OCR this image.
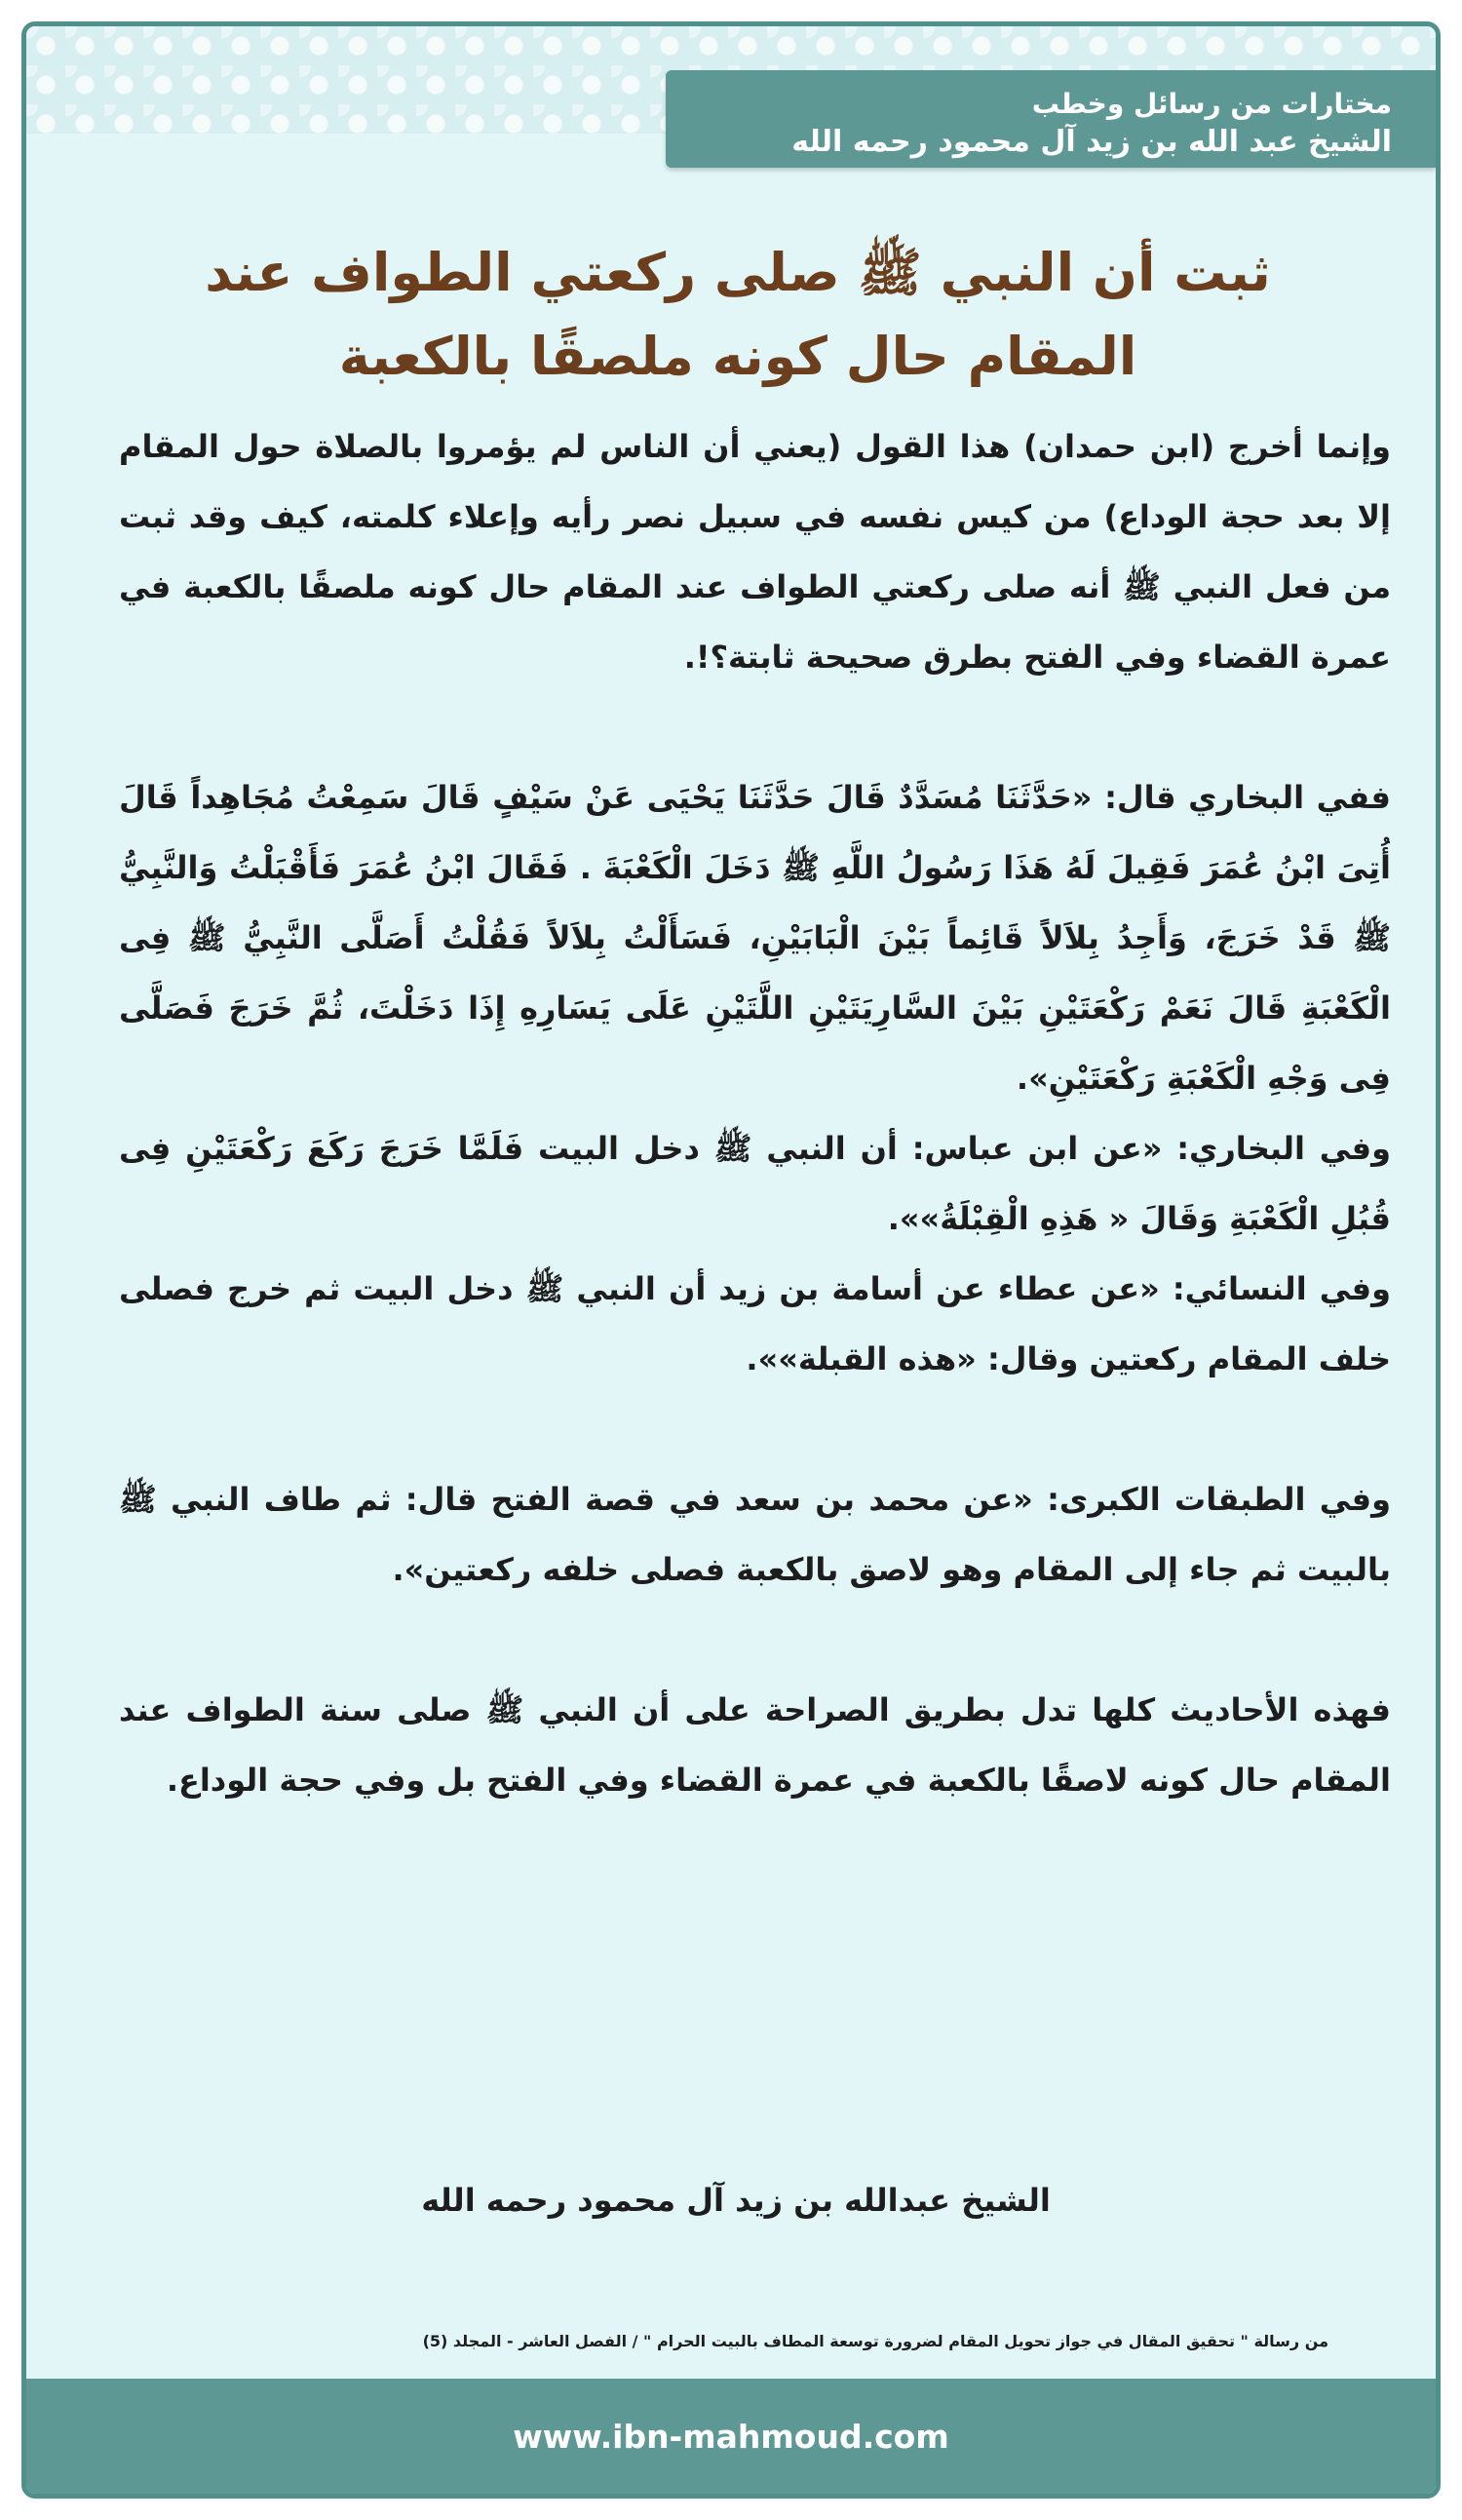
مختارات من رسائل وخطب
الشيخ عبد الله بن زيد آل محمود رحمه الله
ثبت أن النبي ﷺ صلى ركعتي الطواف عند
المقام حال كونه ملصقًا بالكعبة

وإنما أخرج (ابن حمدان) هذا القول (يعني أن الناس لم يؤمروا بالصلاة حول المقام إلا بعد حجة الوداع) من كيس نفسه في سبيل نصر رأيه وإعلاء كلمته، كيف وقد ثبت من فعل النبي ﷺ أنه صلى ركعتي الطواف عند المقام حال كونه ملصقًا بالكعبة في عمرة القضاء وفي الفتح بطرق صحيحة ثابتة؟!.

ففي البخاري قال: «حَدَّثَنَا مُسَدَّدٌ قَالَ حَدَّثَنَا يَحْيَى عَنْ سَيْفٍ قَالَ سَمِعْتُ مُجَاهِداً قَالَ أُتِىَ ابْنُ عُمَرَ فَقِيلَ لَهُ هَذَا رَسُولُ اللَّهِ ﷺ دَخَلَ الْكَعْبَةَ . فَقَالَ ابْنُ عُمَرَ فَأَقْبَلْتُ وَالنَّبِيُّ ﷺ قَدْ خَرَجَ، وَأَجِدُ بِلاَلاً قَائِماً بَيْنَ الْبَابَيْنِ، فَسَأَلْتُ بِلاَلاً فَقُلْتُ أَصَلَّى النَّبِيُّ ﷺ فِى الْكَعْبَةِ قَالَ نَعَمْ رَكْعَتَيْنِ بَيْنَ السَّارِيَتَيْنِ اللَّتَيْنِ عَلَى يَسَارِهِ إِذَا دَخَلْتَ، ثُمَّ خَرَجَ فَصَلَّى فِى وَجْهِ الْكَعْبَةِ رَكْعَتَيْنِ».

وفي البخاري: «عن ابن عباس: أن النبي ﷺ دخل البيت فَلَمَّا خَرَجَ رَكَعَ رَكْعَتَيْنِ فِى قُبُلِ الْكَعْبَةِ وَقَالَ « هَذِهِ الْقِبْلَةُ»».

وفي النسائي: «عن عطاء عن أسامة بن زيد أن النبي ﷺ دخل البيت ثم خرج فصلى خلف المقام ركعتين وقال: «هذه القبلة»».

وفي الطبقات الكبرى: «عن محمد بن سعد في قصة الفتح قال: ثم طاف النبي ﷺ بالبيت ثم جاء إلى المقام وهو لاصق بالكعبة فصلى خلفه ركعتين».

فهذه الأحاديث كلها تدل بطريق الصراحة على أن النبي ﷺ صلى سنة الطواف عند المقام حال كونه لاصقًا بالكعبة في عمرة القضاء وفي الفتح بل وفي حجة الوداع.

الشيخ عبدالله بن زيد آل محمود رحمه الله
من رسالة " تحقيق المقال في جواز تحويل المقام لضرورة توسعة المطاف بالبيت الحرام " / الفصل العاشر - المجلد (5)
www.ibn-mahmoud.com
